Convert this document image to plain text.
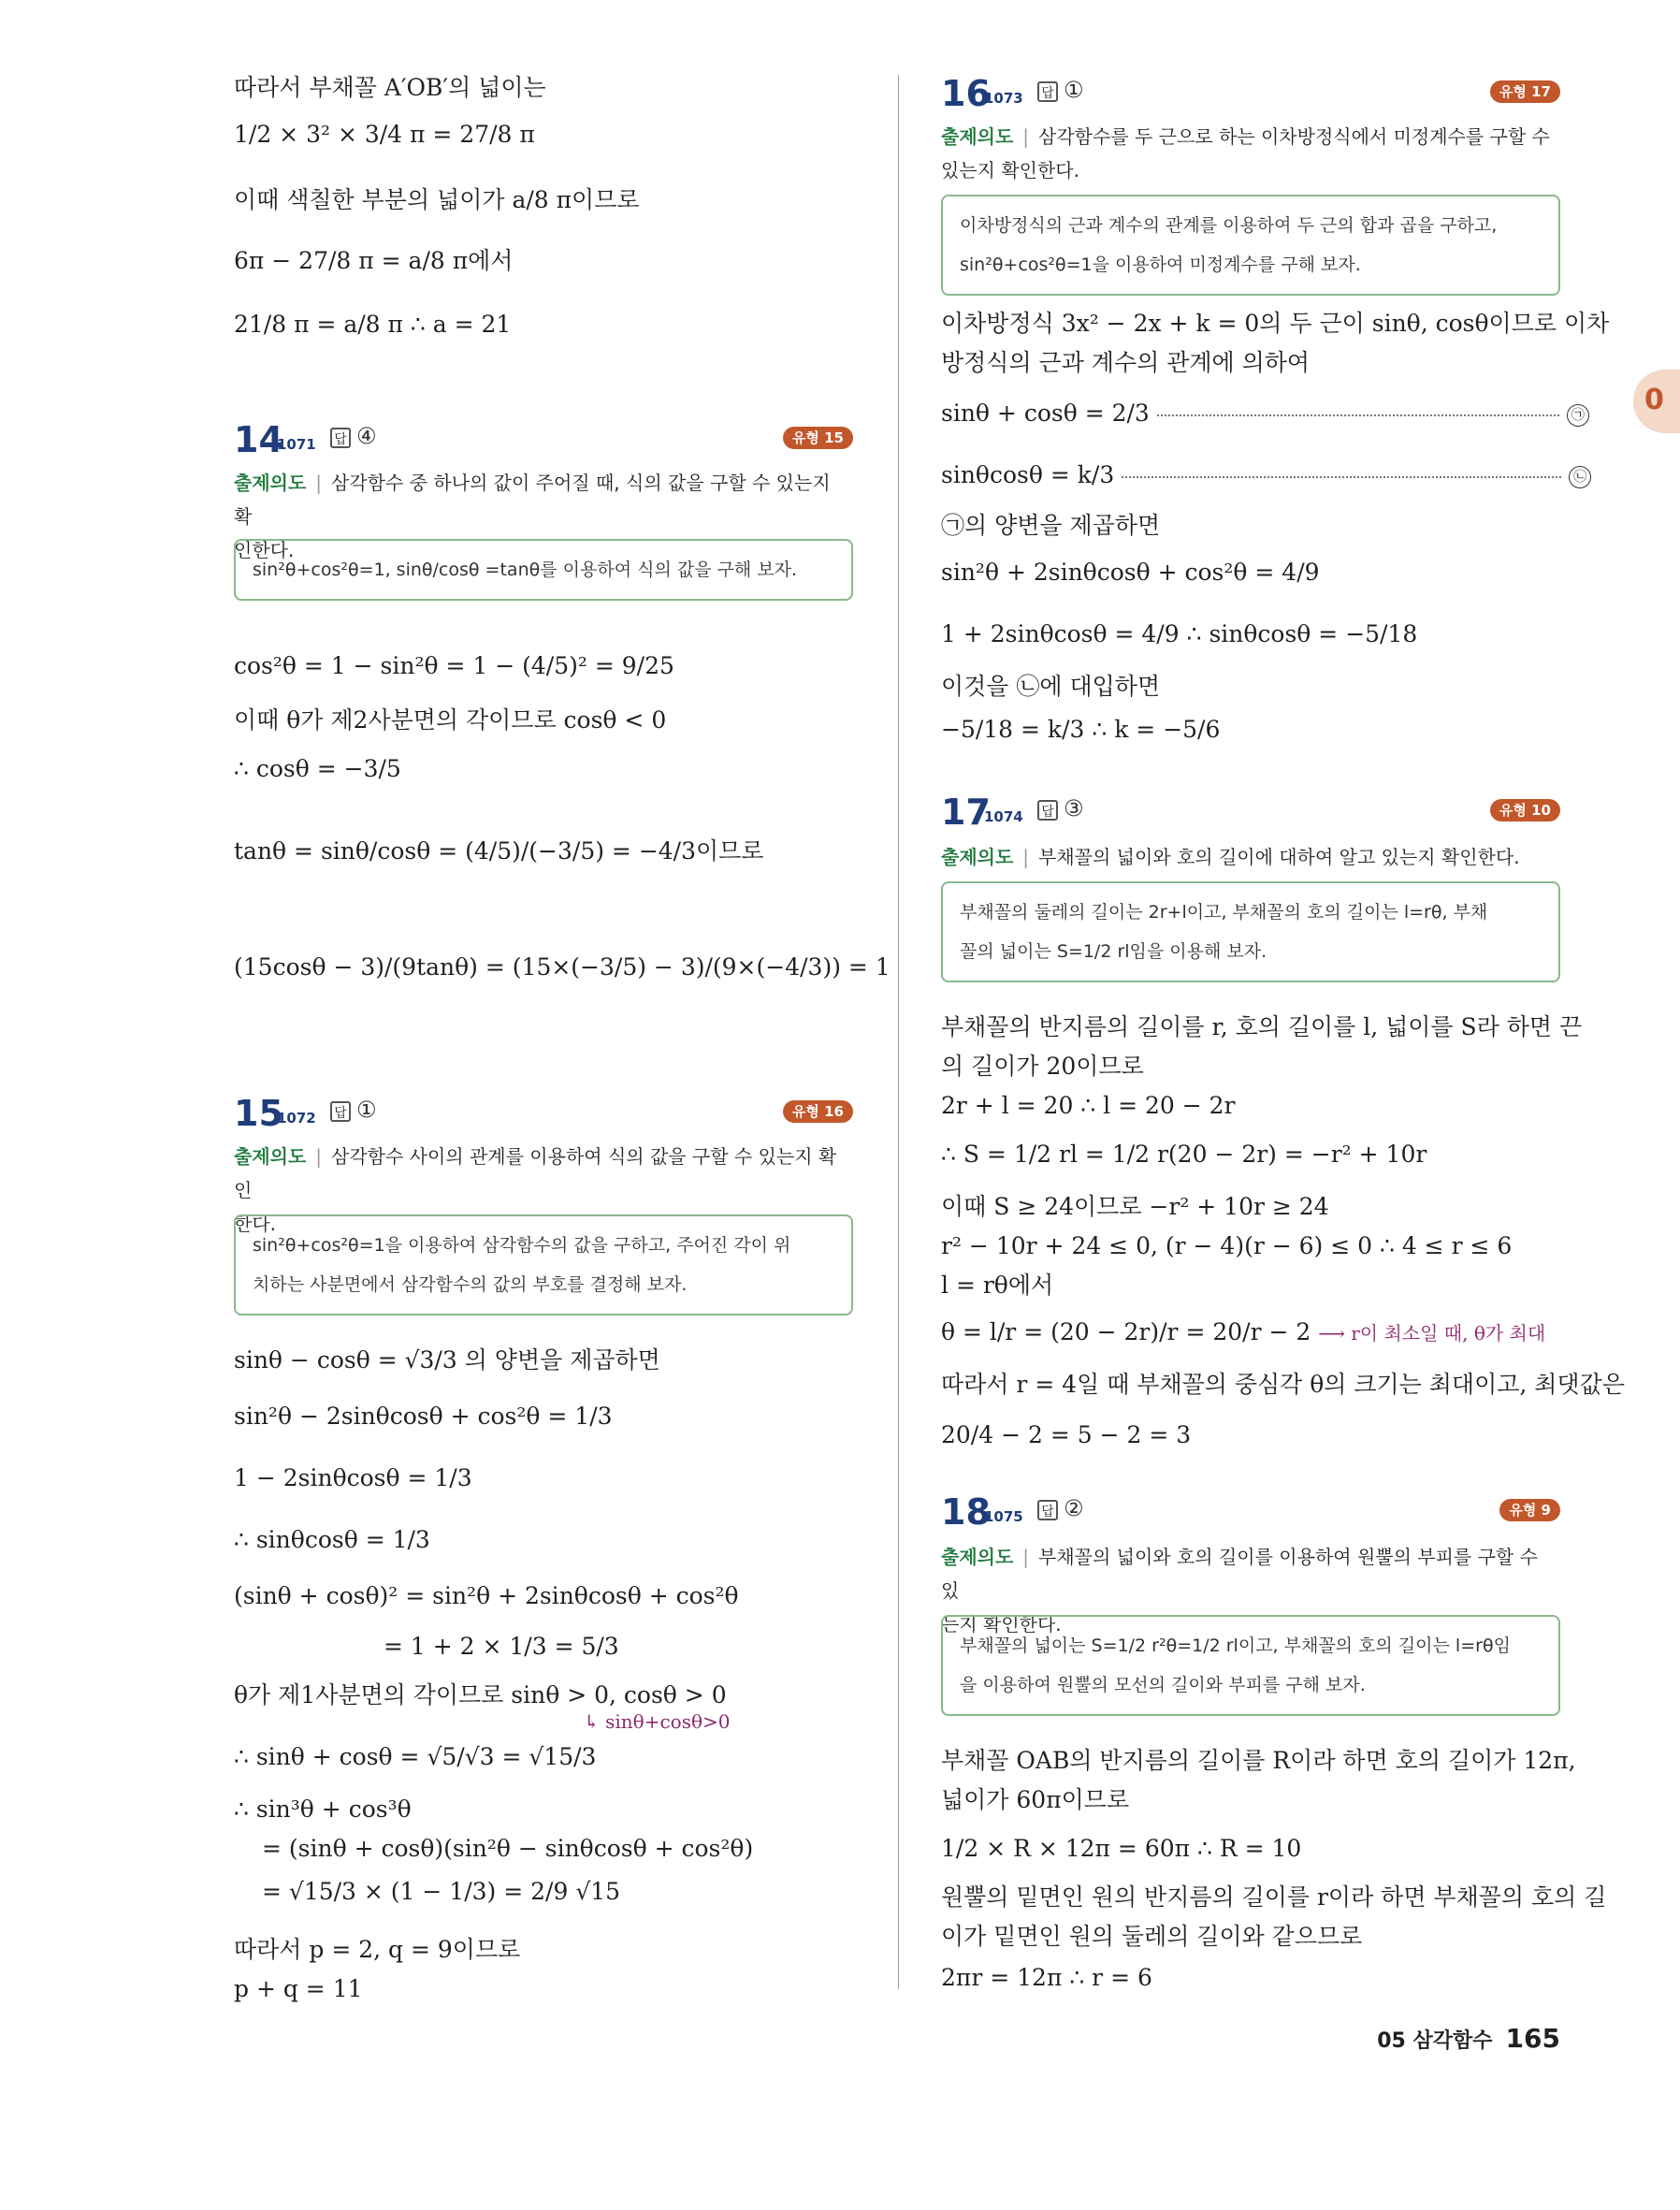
0
따라서 부채꼴 A′OB′의 넓이는
1/2 × 3² × 3/4 π = 27/8 π
이때 색칠한 부분의 넓이가 a/8 π이므로
6π − 27/8 π = a/8 π에서
21/8 π = a/8 π ∴ a = 21
14
1071	답 ④	유형 15
출제의도 | 삼각함수 중 하나의 값이 주어질 때, 식의 값을 구할 수 있는지 확
인한다.
sin²θ+cos²θ=1, sinθ/cosθ =tanθ를 이용하여 식의 값을 구해 보자.
cos²θ = 1 − sin²θ = 1 − (4/5)² = 9/25
이때 θ가 제2사분면의 각이므로 cosθ < 0
∴ cosθ = −3/5
tanθ = sinθ/cosθ = (4/5)/(−3/5) = −4/3이므로
(15cosθ − 3)/(9tanθ) = (15×(−3/5) − 3)/(9×(−4/3)) = 1
15
1072	답 ①	유형 16
출제의도 | 삼각함수 사이의 관계를 이용하여 식의 값을 구할 수 있는지 확인
한다.
sin²θ+cos²θ=1을 이용하여 삼각함수의 값을 구하고, 주어진 각이 위
치하는 사분면에서 삼각함수의 값의 부호를 결정해 보자.
sinθ − cosθ = √3/3 의 양변을 제곱하면
sin²θ − 2sinθcosθ + cos²θ = 1/3
1 − 2sinθcosθ = 1/3
∴ sinθcosθ = 1/3
(sinθ + cosθ)² = sin²θ + 2sinθcosθ + cos²θ
= 1 + 2 × 1/3 = 5/3
θ가 제1사분면의 각이므로 sinθ > 0, cosθ > 0
↳ sinθ+cosθ>0
∴ sinθ + cosθ = √5/√3 = √15/3
∴ sin³θ + cos³θ
= (sinθ + cosθ)(sin²θ − sinθcosθ + cos²θ)
= √15/3 × (1 − 1/3) = 2/9 √15
따라서 p = 2, q = 9이므로
p + q = 11
16
1073	답 ①	유형 17
출제의도 | 삼각함수를 두 근으로 하는 이차방정식에서 미정계수를 구할 수
있는지 확인한다.
이차방정식의 근과 계수의 관계를 이용하여 두 근의 합과 곱을 구하고,
sin²θ+cos²θ=1을 이용하여 미정계수를 구해 보자.
이차방정식 3x² − 2x + k = 0의 두 근이 sinθ, cosθ이므로 이차
방정식의 근과 계수의 관계에 의하여
sinθ + cosθ = 2/3	㉠
sinθcosθ = k/3	㉡
㉠의 양변을 제곱하면
sin²θ + 2sinθcosθ + cos²θ = 4/9
1 + 2sinθcosθ = 4/9 ∴ sinθcosθ = −5/18
이것을 ㉡에 대입하면
−5/18 = k/3 ∴ k = −5/6
17
1074	답 ③	유형 10
출제의도 | 부채꼴의 넓이와 호의 길이에 대하여 알고 있는지 확인한다.
부채꼴의 둘레의 길이는 2r+l이고, 부채꼴의 호의 길이는 l=rθ, 부채
꼴의 넓이는 S=1/2 rl임을 이용해 보자.
부채꼴의 반지름의 길이를 r, 호의 길이를 l, 넓이를 S라 하면 끈
의 길이가 20이므로
2r + l = 20 ∴ l = 20 − 2r
∴ S = 1/2 rl = 1/2 r(20 − 2r) = −r² + 10r
이때 S ≥ 24이므로 −r² + 10r ≥ 24
r² − 10r + 24 ≤ 0, (r − 4)(r − 6) ≤ 0 ∴ 4 ≤ r ≤ 6
l = rθ에서
θ = l/r = (20 − 2r)/r = 20/r − 2 ⟶ r이 최소일 때, θ가 최대
따라서 r = 4일 때 부채꼴의 중심각 θ의 크기는 최대이고, 최댓값은
20/4 − 2 = 5 − 2 = 3
18
1075	답 ②	유형 9
출제의도 | 부채꼴의 넓이와 호의 길이를 이용하여 원뿔의 부피를 구할 수 있
는지 확인한다.
부채꼴의 넓이는 S=1/2 r²θ=1/2 rl이고, 부채꼴의 호의 길이는 l=rθ임
을 이용하여 원뿔의 모선의 길이와 부피를 구해 보자.
부채꼴 OAB의 반지름의 길이를 R이라 하면 호의 길이가 12π,
넓이가 60π이므로
1/2 × R × 12π = 60π ∴ R = 10
원뿔의 밑면인 원의 반지름의 길이를 r이라 하면 부채꼴의 호의 길
이가 밑면인 원의 둘레의 길이와 같으므로
2πr = 12π ∴ r = 6
05 삼각함수 165
